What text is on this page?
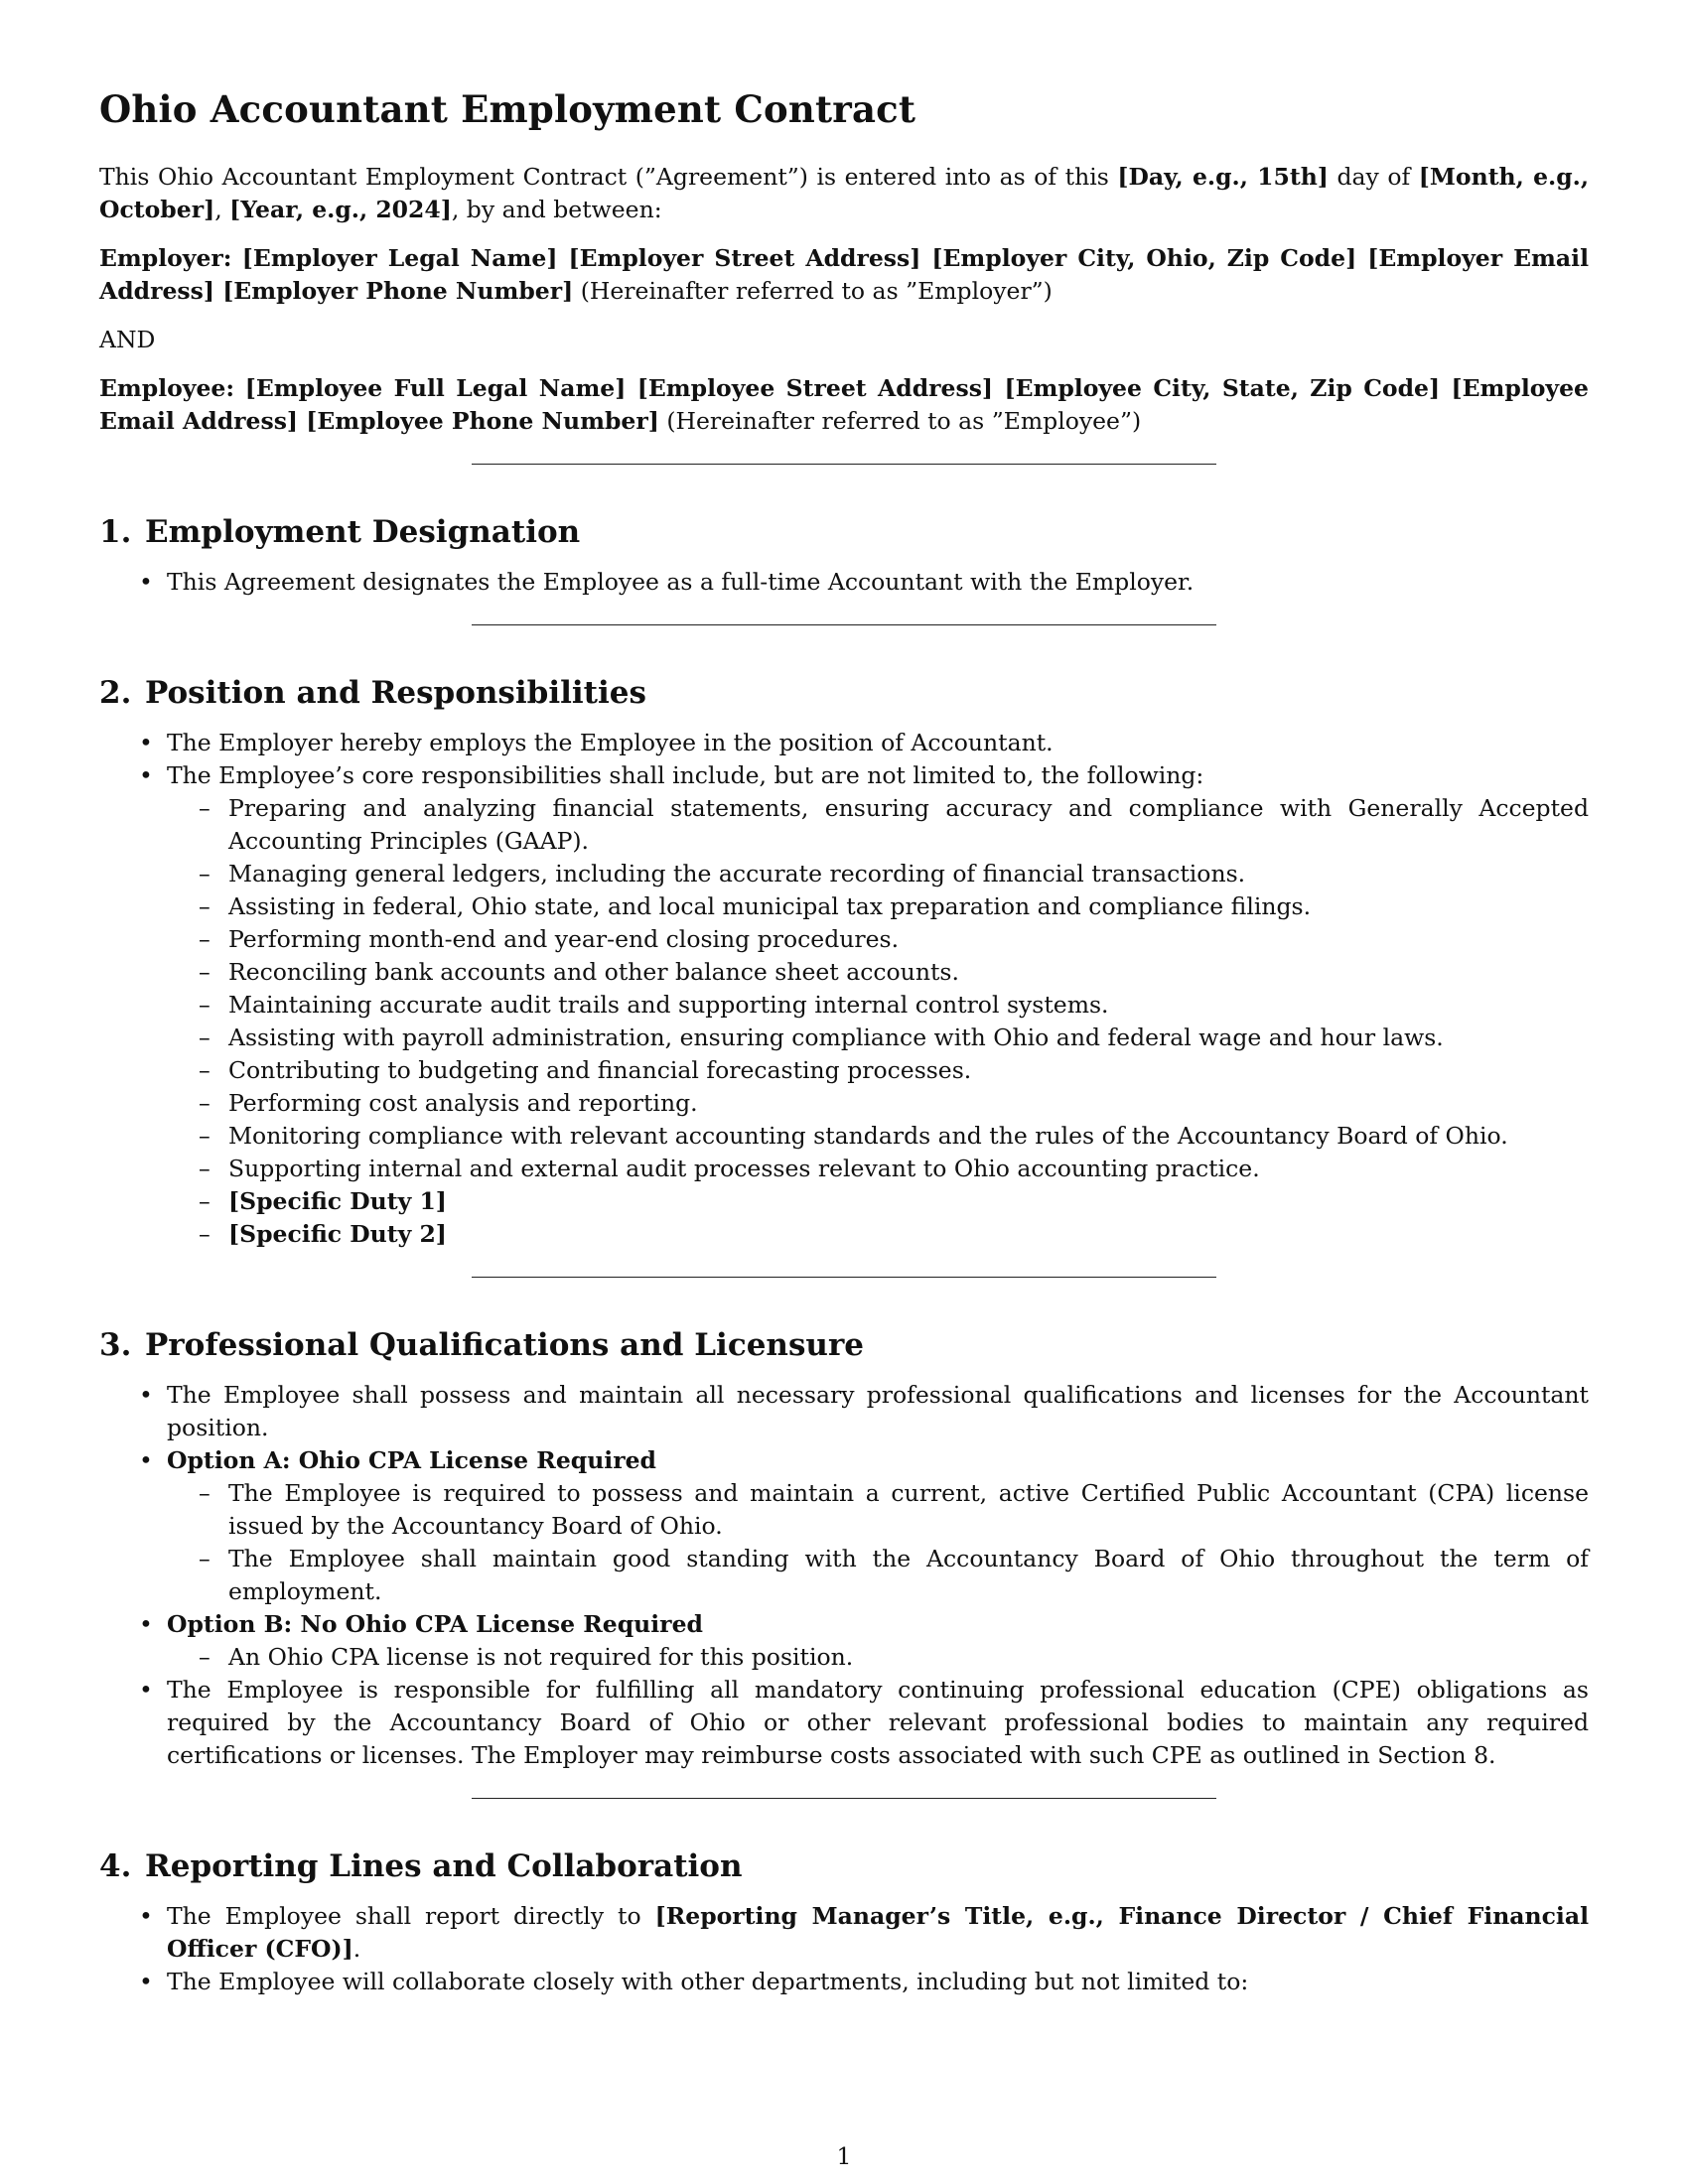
Ohio Accountant Employment Contract

This Ohio Accountant Employment Contract (”Agreement”) is entered into as of this [Day, e.g., 15th] day of [Month, e.g., October], [Year, e.g., 2024], by and between:

Employer: [Employer Legal Name] [Employer Street Address] [Employer City, Ohio, Zip Code] [Employer Email Address] [Employer Phone Number] (Hereinafter referred to as ”Employer”)

AND

Employee: [Employee Full Legal Name] [Employee Street Address] [Employee City, State, Zip Code] [Employee Email Address] [Employee Phone Number] (Hereinafter referred to as ”Employee”)

1. Employment Designation
• This Agreement designates the Employee as a full-time Accountant with the Employer.
2. Position and Responsibilities
• The Employer hereby employs the Employee in the position of Accountant.
• The Employee’s core responsibilities shall include, but are not limited to, the following:
– Preparing and analyzing financial statements, ensuring accuracy and compliance with Generally Accepted Accounting Principles (GAAP).
– Managing general ledgers, including the accurate recording of financial transactions.
– Assisting in federal, Ohio state, and local municipal tax preparation and compliance filings.
– Performing month-end and year-end closing procedures.
– Reconciling bank accounts and other balance sheet accounts.
– Maintaining accurate audit trails and supporting internal control systems.
– Assisting with payroll administration, ensuring compliance with Ohio and federal wage and hour laws.
– Contributing to budgeting and financial forecasting processes.
– Performing cost analysis and reporting.
– Monitoring compliance with relevant accounting standards and the rules of the Accountancy Board of Ohio.
– Supporting internal and external audit processes relevant to Ohio accounting practice.
– [Specific Duty 1]
– [Specific Duty 2]
3. Professional Qualifications and Licensure
• The Employee shall possess and maintain all necessary professional qualifications and licenses for the Accountant position.
• Option A: Ohio CPA License Required
– The Employee is required to possess and maintain a current, active Certified Public Accountant (CPA) license issued by the Accountancy Board of Ohio.
– The Employee shall maintain good standing with the Accountancy Board of Ohio throughout the term of employment.
• Option B: No Ohio CPA License Required
– An Ohio CPA license is not required for this position.
• The Employee is responsible for fulfilling all mandatory continuing professional education (CPE) obligations as required by the Accountancy Board of Ohio or other relevant professional bodies to maintain any required certifications or licenses. The Employer may reimburse costs associated with such CPE as outlined in Section 8.
4. Reporting Lines and Collaboration
• The Employee shall report directly to [Reporting Manager’s Title, e.g., Finance Director / Chief Financial Officer (CFO)].
• The Employee will collaborate closely with other departments, including but not limited to:
1
